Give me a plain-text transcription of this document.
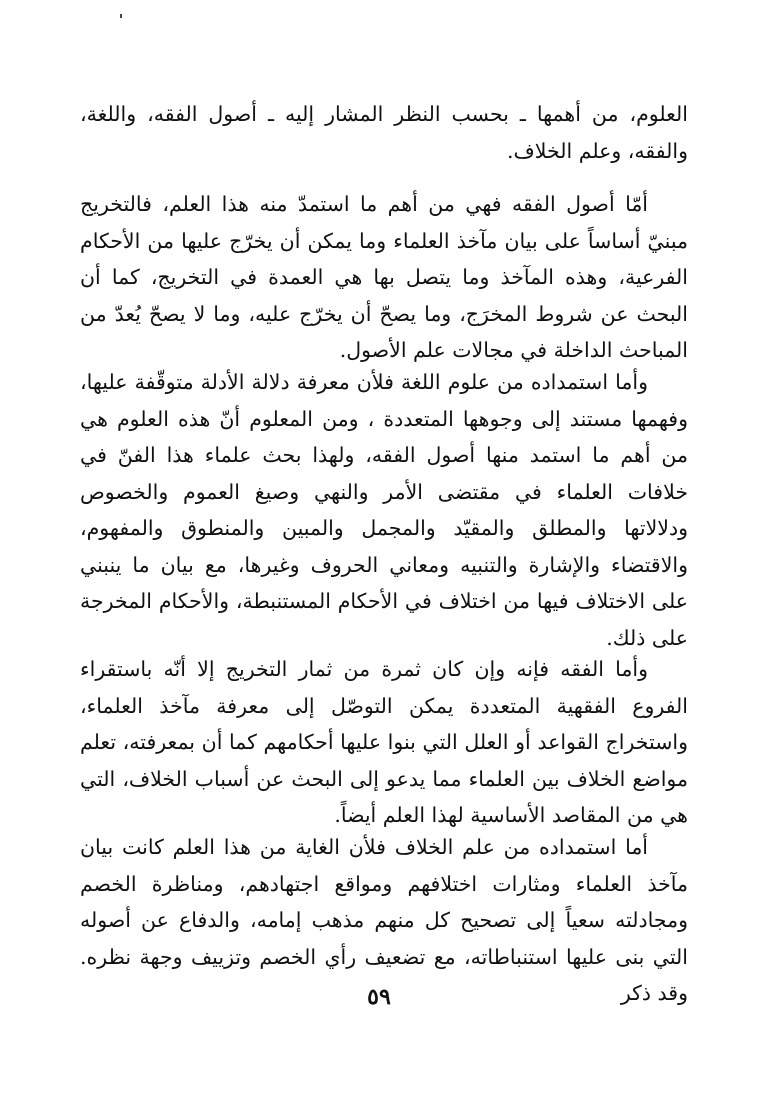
العلوم، من أهمها ـ بحسب النظر المشار إليه ـ أصول الفقه، واللغة، والفقه، وعلم الخلاف.

أمّا أصول الفقه فهي من أهم ما استمدّ منه هذا العلم، فالتخريج مبنيّ أساساً على بيان مآخذ العلماء وما يمكن أن يخرّج عليها من الأحكام الفرعية، وهذه المآخذ وما يتصل بها هي العمدة في التخريج، كما أن البحث عن شروط المخرَج، وما يصحّ أن يخرّج عليه، وما لا يصحّ يُعدّ من المباحث الداخلة في مجالات علم الأصول.

وأما استمداده من علوم اللغة فلأن معرفة دلالة الأدلة متوقّفة عليها، وفهمها مستند إلى وجوهها المتعددة ، ومن المعلوم أنّ هذه العلوم هي من أهم ما استمد منها أصول الفقه، ولهذا بحث علماء هذا الفنّ في خلافات العلماء في مقتضى الأمر والنهي وصيغ العموم والخصوص ودلالاتها والمطلق والمقيّد والمجمل والمبين والمنطوق والمفهوم، والاقتضاء والإشارة والتنبيه ومعاني الحروف وغيرها، مع بيان ما ينبني على الاختلاف فيها من اختلاف في الأحكام المستنبطة، والأحكام المخرجة على ذلك.

وأما الفقه فإنه وإن كان ثمرة من ثمار التخريج إلا أنّه باستقراء الفروع الفقهية المتعددة يمكن التوصّل إلى معرفة مآخذ العلماء، واستخراج القواعد أو العلل التي بنوا عليها أحكامهم كما أن بمعرفته، تعلم مواضع الخلاف بين العلماء مما يدعو إلى البحث عن أسباب الخلاف، التي هي من المقاصد الأساسية لهذا العلم أيضاً.

أما استمداده من علم الخلاف فلأن الغاية من هذا العلم كانت بيان مآخذ العلماء ومثارات اختلافهم ومواقع اجتهادهم، ومناظرة الخصم ومجادلته سعياً إلى تصحيح كل منهم مذهب إمامه، والدفاع عن أصوله التي بنى عليها استنباطاته، مع تضعيف رأي الخصم وتزييف وجهة نظره. وقد ذكر

٥٩
